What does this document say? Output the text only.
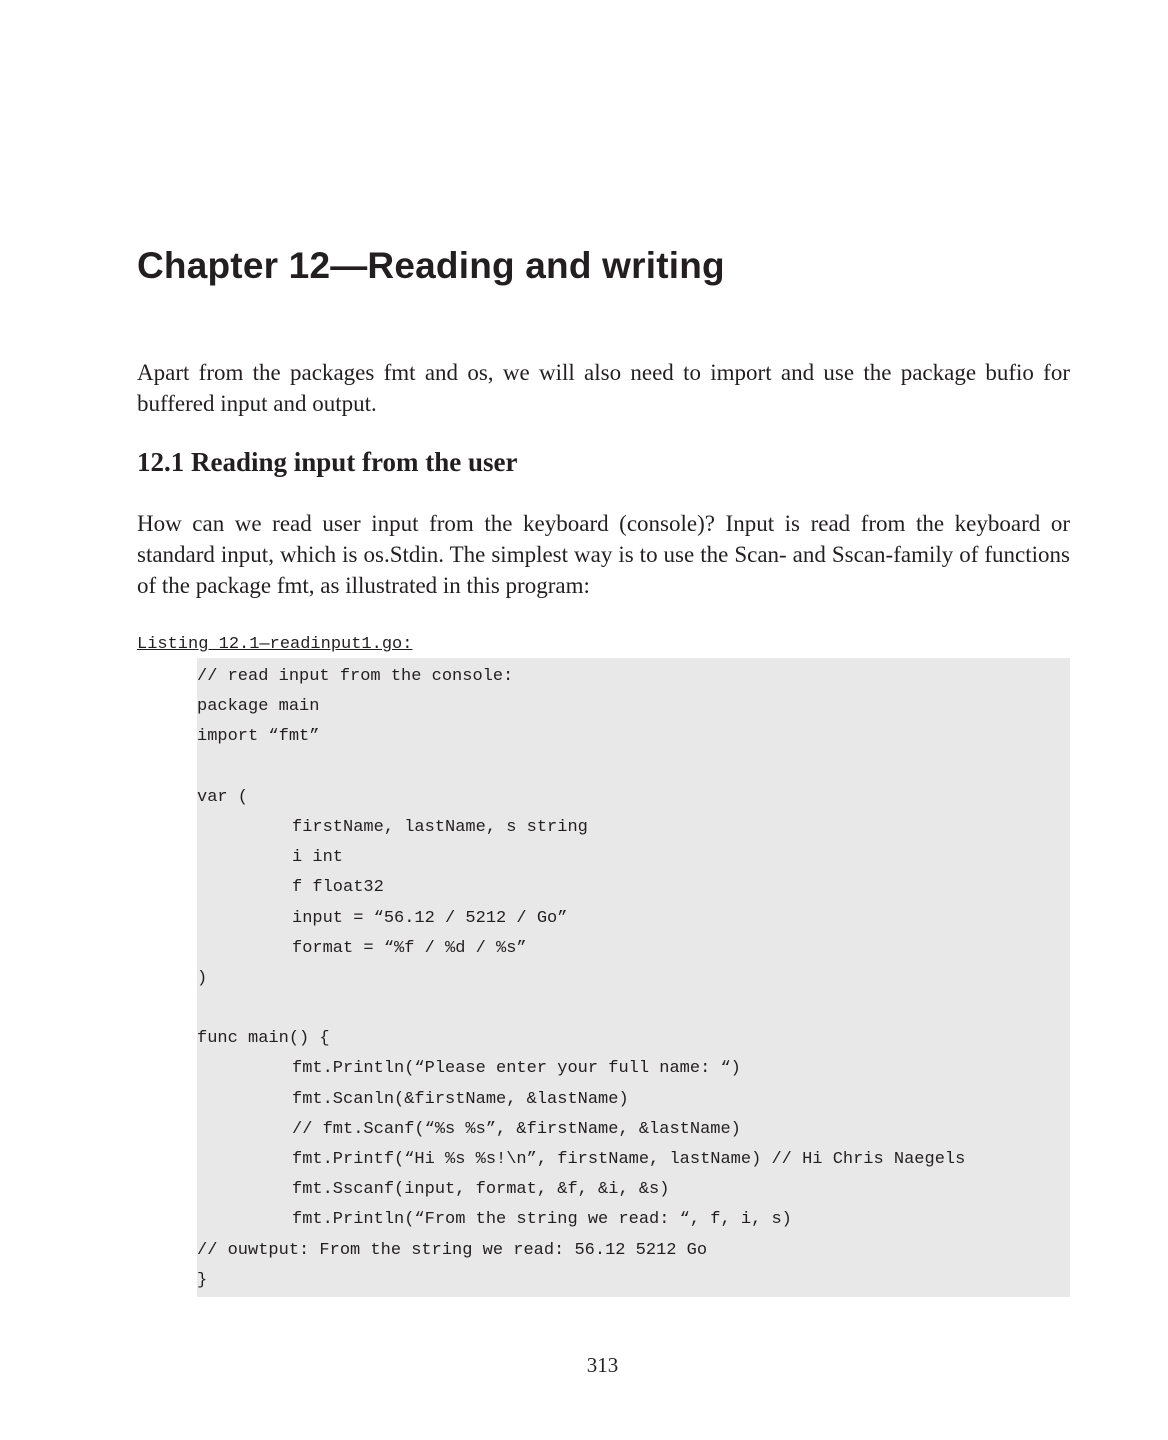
Chapter 12—Reading and writing

Apart from the packages fmt and os, we will also need to import and use the package bufio for buffered input and output.

12.1 Reading input from the user

How can we read user input from the keyboard (console)? Input is read from the keyboard or standard input, which is os.Stdin. The simplest way is to use the Scan- and Sscan-family of functions of the package fmt, as illustrated in this program:

Listing 12.1—readinput1.go:
// read input from the console:
package main
import “fmt”
var (
firstName, lastName, s string
i int
f float32
input = “56.12 / 5212 / Go”
format = “%f / %d / %s”
)
func main() {
fmt.Println(“Please enter your full name: “)
fmt.Scanln(&firstName, &lastName)
// fmt.Scanf(“%s %s”, &firstName, &lastName)
fmt.Printf(“Hi %s %s!\n”, firstName, lastName) // Hi Chris Naegels
fmt.Sscanf(input, format, &f, &i, &s)
fmt.Println(“From the string we read: “, f, i, s)
// ouwtput: From the string we read: 56.12 5212 Go
}
313
